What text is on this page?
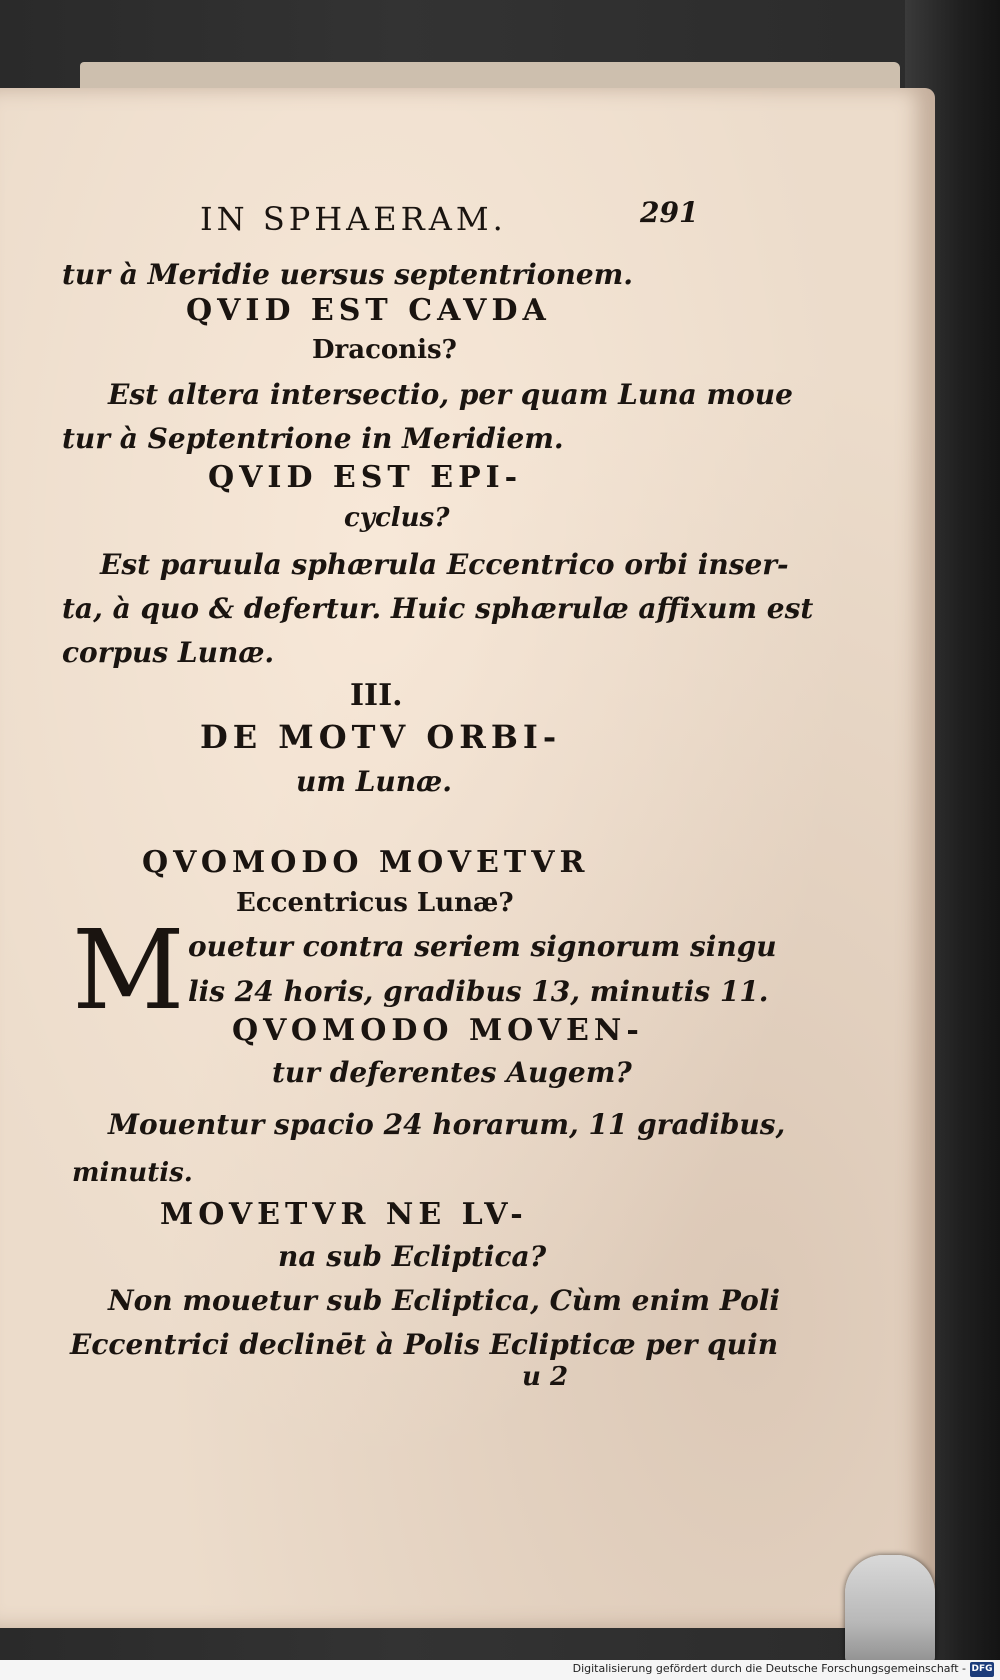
IN SPHAERAM.	291
tur à Meridie uersus septentrionem.
QVID EST CAVDA
Draconis?
Est altera intersectio, per quam Luna moue
tur à Septentrione in Meridiem.
QVID EST EPI-
cyclus?
Est paruula sphærula Eccentrico orbi inser-
ta, à quo & defertur. Huic sphærulæ affixum est
corpus Lunæ.
III.
DE MOTV ORBI-
um Lunæ.
QVOMODO MOVETVR
Eccentricus Lunæ?
M ouetur contra seriem signorum singu
lis 24 horis, gradibus 13, minutis 11.
QVOMODO MOVEN-
tur deferentes Augem?
Mouentur spacio 24 horarum, 11 gradibus,
minutis.
MOVETVR NE LV-
na sub Ecliptica?
Non mouetur sub Ecliptica, Cùm enim Poli
Eccentrici declinēt à Polis Eclipticæ per quin
u 2
Digitalisierung gefördert durch die Deutsche Forschungsgemeinschaft - DFG
